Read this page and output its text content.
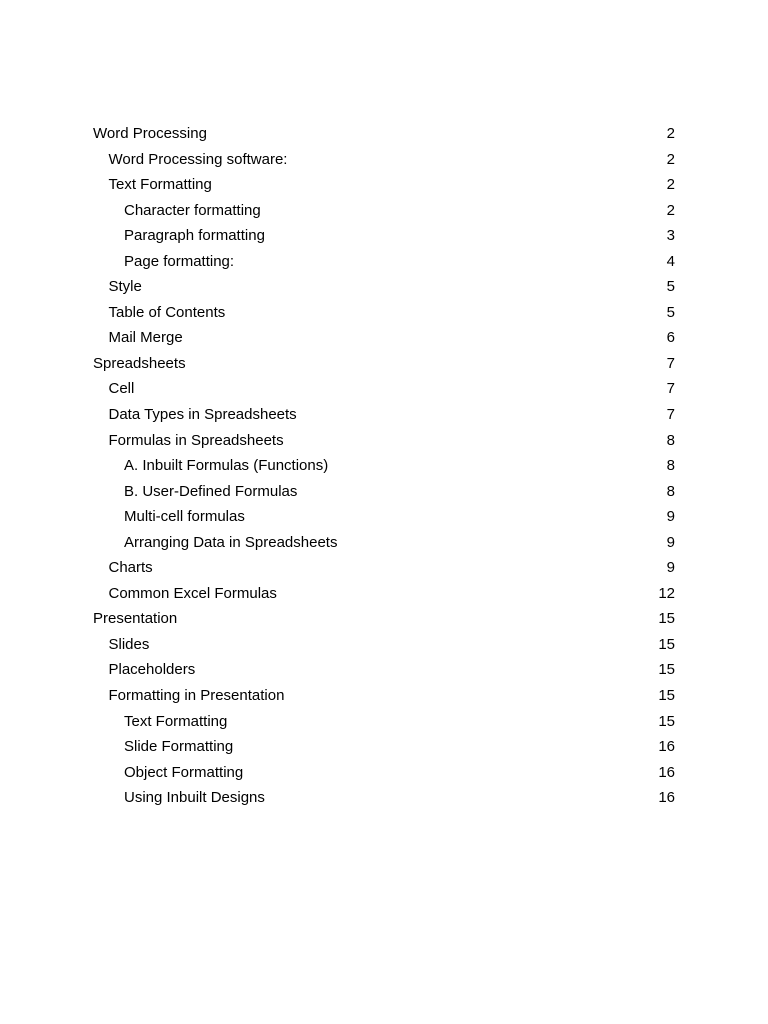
Word Processing	2
Word Processing software:	2
Text Formatting	2
Character formatting	2
Paragraph formatting	3
Page formatting:	4
Style	5
Table of Contents	5
Mail Merge	6
Spreadsheets	7
Cell	7
Data Types in Spreadsheets	7
Formulas in Spreadsheets	8
A. Inbuilt Formulas (Functions)	8
B. User-Defined Formulas	8
Multi-cell formulas	9
Arranging Data in Spreadsheets	9
Charts	9
Common Excel Formulas	12
Presentation	15
Slides	15
Placeholders	15
Formatting in Presentation	15
Text Formatting	15
Slide Formatting	16
Object Formatting	16
Using Inbuilt Designs	16
